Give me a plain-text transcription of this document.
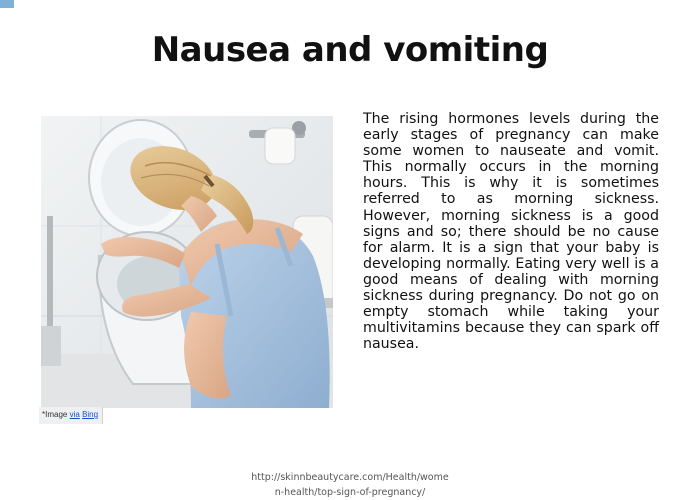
Nausea and vomiting
*Image via Bing

The rising hormones levels during the early stages of pregnancy can make some women to nauseate and vomit. This normally occurs in the morning hours. This is why it is sometimes referred to as morning sickness. However, morning sickness is a good signs and so; there should be no cause for alarm. It is a sign that your baby is developing normally. Eating very well is a good means of dealing with morning sickness during pregnancy. Do not go on empty stomach while taking your multivitamins because they can spark off nausea.

http://skinnbeautycare.com/Health/wome
n-health/top-sign-of-pregnancy/
